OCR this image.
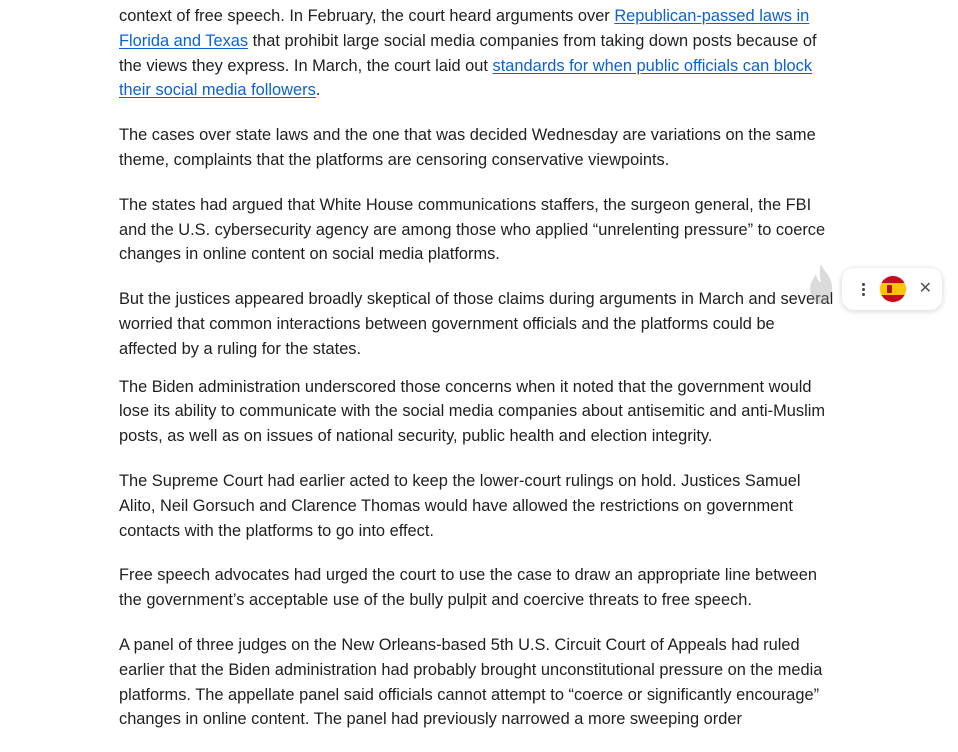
context of free speech. In February, the court heard arguments over Republican-passed laws in Florida and Texas that prohibit large social media companies from taking down posts because of the views they express. In March, the court laid out standards for when public officials can block their social media followers.

The cases over state laws and the one that was decided Wednesday are variations on the same theme, complaints that the platforms are censoring conservative viewpoints.

The states had argued that White House communications staffers, the surgeon general, the FBI and the U.S. cybersecurity agency are among those who applied “unrelenting pressure” to coerce changes in online content on social media platforms.

But the justices appeared broadly skeptical of those claims during arguments in March and several worried that common interactions between government officials and the platforms could be affected by a ruling for the states.

The Biden administration underscored those concerns when it noted that the government would lose its ability to communicate with the social media companies about antisemitic and anti-Muslim posts, as well as on issues of national security, public health and election integrity.

The Supreme Court had earlier acted to keep the lower-court rulings on hold. Justices Samuel Alito, Neil Gorsuch and Clarence Thomas would have allowed the restrictions on government contacts with the platforms to go into effect.

Free speech advocates had urged the court to use the case to draw an appropriate line between the government’s acceptable use of the bully pulpit and coercive threats to free speech.

A panel of three judges on the New Orleans-based 5th U.S. Circuit Court of Appeals had ruled earlier that the Biden administration had probably brought unconstitutional pressure on the media platforms. The appellate panel said officials cannot attempt to “coerce or significantly encourage” changes in online content. The panel had previously narrowed a more sweeping order

✕
